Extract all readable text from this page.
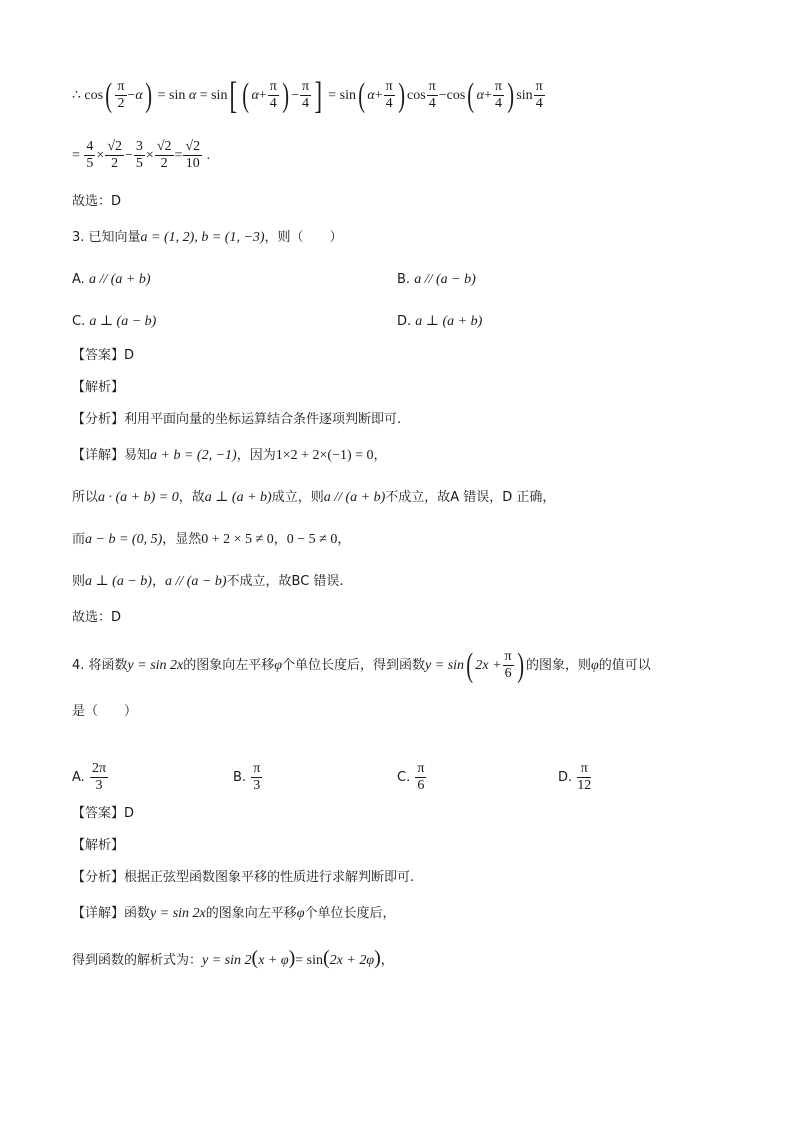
∴ $\cos( \frac{\pi}{2} -\alpha) = \sin \alpha = \sin$[ ( $\alpha+ \frac{\pi}{4}$ ) − $\frac{\pi}{4}$ ] = sin( $\alpha+ \frac{\pi}{4}$ ) $\cos \frac{\pi}{4} -\cos$( $\alpha+ \frac{\pi}{4}$ ) $\sin \frac{\pi}{4}$
= $\frac{4}{5} \times \frac{√2}{2} - \frac{3}{5} \times \frac{√2}{2} = \frac{√2}{10}$ .
故选：D
3. 已知向量a = (1, 2), b = (1, −3)，则（　　）
A. a // (a + b)	B. a // (a − b)
C. a ⊥ (a − b)	D. a ⊥ (a + b)
【答案】D
【解析】
【分析】利用平面向量的坐标运算结合条件逐项判断即可.
【详解】易知a + b = (2, −1)，因为1×2 + 2×(−1) = 0，
所以a · (a + b) = 0，故a ⊥ (a + b)成立，则a // (a + b)不成立，故A 错误，D 正确，
而a − b = (0, 5)，显然0 + 2 × 5 ≠ 0，0 − 5 ≠ 0，
则a ⊥ (a − b)，a // (a − b)不成立，故BC 错误.
故选：D
4. 将函数y = sin 2x的图象向左平移φ个单位长度后，得到函数y = sin( $2x + \frac{\pi}{6}$ ) 的图象，则φ的值可以
是（　　）
A. $\frac{2\pi}{3}$	B. $\frac{\pi}{3}$	C. $\frac{\pi}{6}$	D. $\frac{\pi}{12}$
【答案】D
【解析】
【分析】根据正弦型函数图象平移的性质进行求解判断即可.
【详解】函数y = sin 2x的图象向左平移φ个单位长度后，
得到函数的解析式为：y = sin 2(x + φ)= sin(2x + 2φ)，
